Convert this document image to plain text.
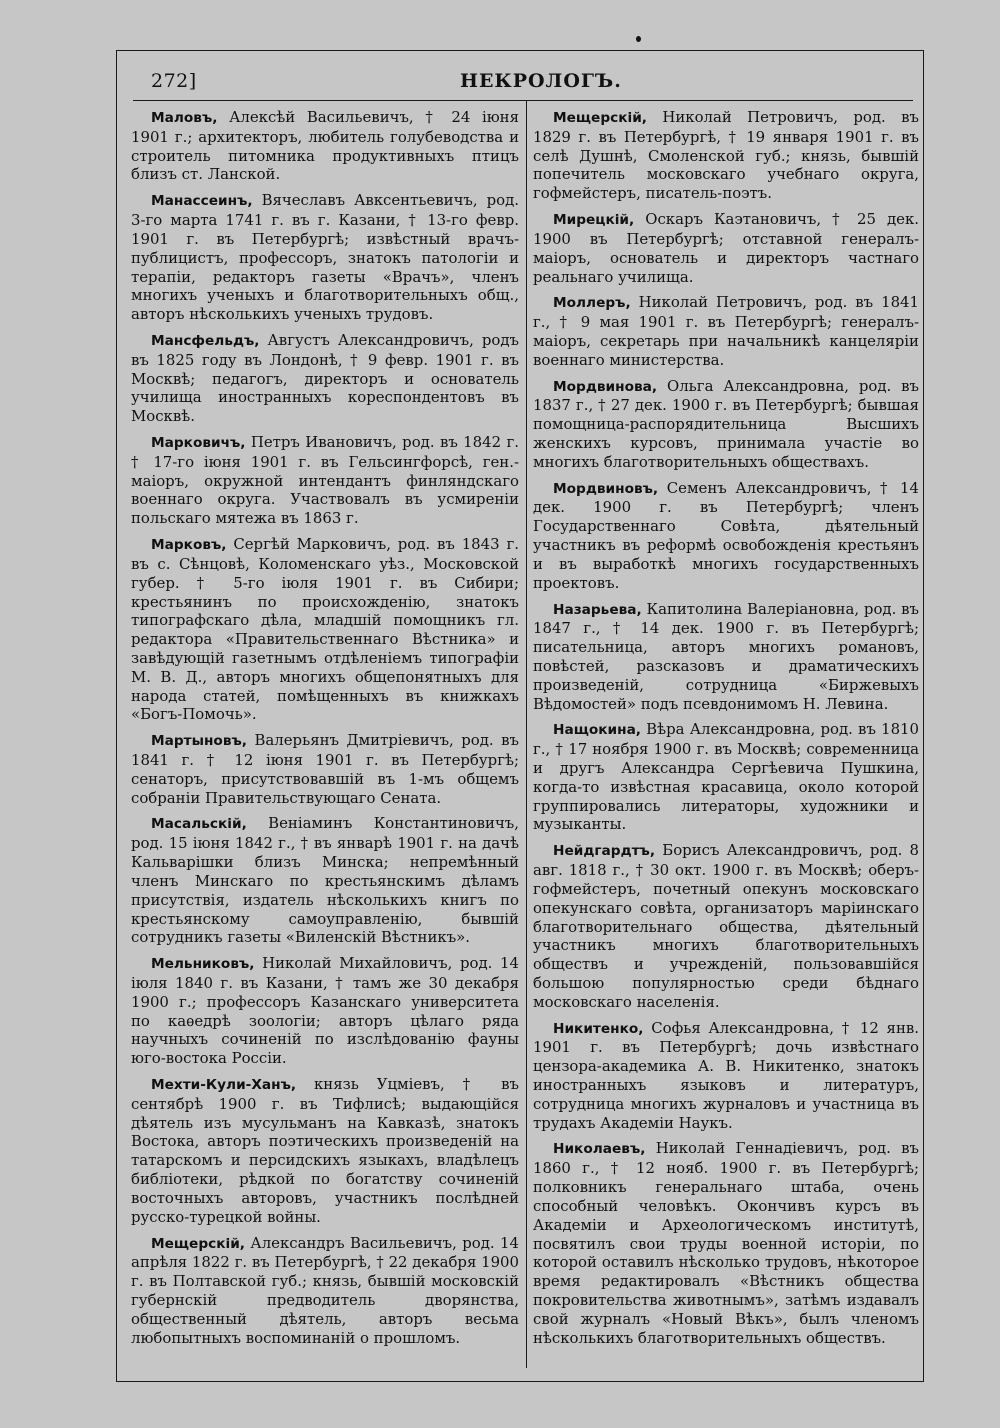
272]	НЕКРОЛОГЪ.

Маловъ, Алексѣй Васильевичъ, † 24 іюня 1901 г.; архитекторъ, любитель голубеводства и строитель питомника продуктивныхъ птицъ близъ ст. Ланской.

Манассеинъ, Вячеславъ Авксентьевичъ, род. 3-го марта 1741 г. въ г. Казани, † 13-го февр. 1901 г. въ Петербургѣ; извѣстный врачъ-публицистъ, профессоръ, знатокъ патологіи и терапіи, редакторъ газеты «Врачъ», членъ многихъ ученыхъ и благотворительныхъ общ., авторъ нѣсколькихъ ученыхъ трудовъ.

Мансфельдъ, Августъ Александровичъ, родъ въ 1825 году въ Лондонѣ, † 9 февр. 1901 г. въ Москвѣ; педагогъ, директоръ и основатель училища иностранныхъ кореспондентовъ въ Москвѣ.

Марковичъ, Петръ Ивановичъ, род. въ 1842 г. † 17-го іюня 1901 г. въ Гельсингфорсѣ, ген.-маіоръ, окружной интендантъ финляндскаго военнаго округа. Участвовалъ въ усмиреніи польскаго мятежа въ 1863 г.

Марковъ, Сергѣй Марковичъ, род. въ 1843 г. въ с. Сѣнцовѣ, Коломенскаго уѣз., Московской губер. † 5-го іюля 1901 г. въ Сибири; крестьянинъ по происхожденію, знатокъ типографскаго дѣла, младшій помощникъ гл. редактора «Правительственнаго Вѣстника» и завѣдующій газетнымъ отдѣленіемъ типографіи М. В. Д., авторъ многихъ общепонятныхъ для народа статей, помѣщенныхъ въ книжкахъ «Богъ-Помочь».

Мартыновъ, Валерьянъ Дмитріевичъ, род. въ 1841 г. † 12 іюня 1901 г. въ Петербургѣ; сенаторъ, присутствовавшій въ 1-мъ общемъ собраніи Правительствующаго Сената.

Масальскій, Веніаминъ Константиновичъ, род. 15 іюня 1842 г., † въ январѣ 1901 г. на дачѣ Кальварішки близъ Минска; непремѣнный членъ Минскаго по крестьянскимъ дѣламъ присутствія, издатель нѣсколькихъ книгъ по крестьянскому самоуправленію, бывшій сотрудникъ газеты «Виленскій Вѣстникъ».

Мельниковъ, Николай Михайловичъ, род. 14 іюля 1840 г. въ Казани, † тамъ же 30 декабря 1900 г.; профессоръ Казанскаго университета по каѳедрѣ зоологіи; авторъ цѣлаго ряда научныхъ сочиненій по изслѣдованію фауны юго-востока Россіи.

Мехти-Кули-Ханъ, князь Уцміевъ, † въ сентябрѣ 1900 г. въ Тифлисѣ; выдающійся дѣятель изъ мусульманъ на Кавказѣ, знатокъ Востока, авторъ поэтическихъ произведеній на татарскомъ и персидскихъ языкахъ, владѣлецъ библіотеки, рѣдкой по богатству сочиненій восточныхъ авторовъ, участникъ послѣдней русско-турецкой войны.

Мещерскій, Александръ Васильевичъ, род. 14 апрѣля 1822 г. въ Петербургѣ, † 22 декабря 1900 г. въ Полтавской губ.; князь, бывшій московскій губернскій предводитель дворянства, общественный дѣятель, авторъ весьма любопытныхъ воспоминаній о прошломъ.

Мещерскій, Николай Петровичъ, род. въ 1829 г. въ Петербургѣ, † 19 января 1901 г. въ селѣ Душнѣ, Смоленской губ.; князь, бывшій попечитель московскаго учебнаго округа, гофмейстеръ, писатель-поэтъ.

Мирецкій, Оскаръ Каэтановичъ, † 25 дек. 1900 въ Петербургѣ; отставной генералъ-маіоръ, основатель и директоръ частнаго реальнаго училища.

Моллеръ, Николай Петровичъ, род. въ 1841 г., † 9 мая 1901 г. въ Петербургѣ; генералъ-маіоръ, секретарь при начальникѣ канцеляріи военнаго министерства.

Мордвинова, Ольга Александровна, род. въ 1837 г., † 27 дек. 1900 г. въ Петербургѣ; бывшая помощница-распорядительница Высшихъ женскихъ курсовъ, принимала участіе во многихъ благотворительныхъ обществахъ.

Мордвиновъ, Семенъ Александровичъ, † 14 дек. 1900 г. въ Петербургѣ; членъ Государственнаго Совѣта, дѣятельный участникъ въ реформѣ освобожденія крестьянъ и въ выработкѣ многихъ государственныхъ проектовъ.

Назарьева, Капитолина Валеріановна, род. въ 1847 г., † 14 дек. 1900 г. въ Петербургѣ; писательница, авторъ многихъ романовъ, повѣстей, разсказовъ и драматическихъ произведеній, сотрудница «Биржевыхъ Вѣдомостей» подъ псевдонимомъ Н. Левина.

Нащокина, Вѣра Александровна, род. въ 1810 г., † 17 ноября 1900 г. въ Москвѣ; современница и другъ Александра Сергѣевича Пушкина, когда-то извѣстная красавица, около которой группировались литераторы, художники и музыканты.

Нейдгардтъ, Борисъ Александровичъ, род. 8 авг. 1818 г., † 30 окт. 1900 г. въ Москвѣ; оберъ-гофмейстеръ, почетный опекунъ московскаго опекунскаго совѣта, организаторъ маріинскаго благотворительнаго общества, дѣятельный участникъ многихъ благотворительныхъ обществъ и учрежденій, пользовавшійся большою популярностью среди бѣднаго московскаго населенія.

Никитенко, Софья Александровна, † 12 янв. 1901 г. въ Петербургѣ; дочь извѣстнаго цензора-академика А. В. Никитенко, знатокъ иностранныхъ языковъ и литературъ, сотрудница многихъ журналовъ и участница въ трудахъ Академіи Наукъ.

Николаевъ, Николай Геннадіевичъ, род. въ 1860 г., † 12 нояб. 1900 г. въ Петербургѣ; полковникъ генеральнаго штаба, очень способный человѣкъ. Окончивъ курсъ въ Академіи и Археологическомъ институтѣ, посвятилъ свои труды военной исторіи, по которой оставилъ нѣсколько трудовъ, нѣкоторое время редактировалъ «Вѣстникъ общества покровительства животнымъ», затѣмъ издавалъ свой журналъ «Новый Вѣкъ», былъ членомъ нѣсколькихъ благотворительныхъ обществъ.
